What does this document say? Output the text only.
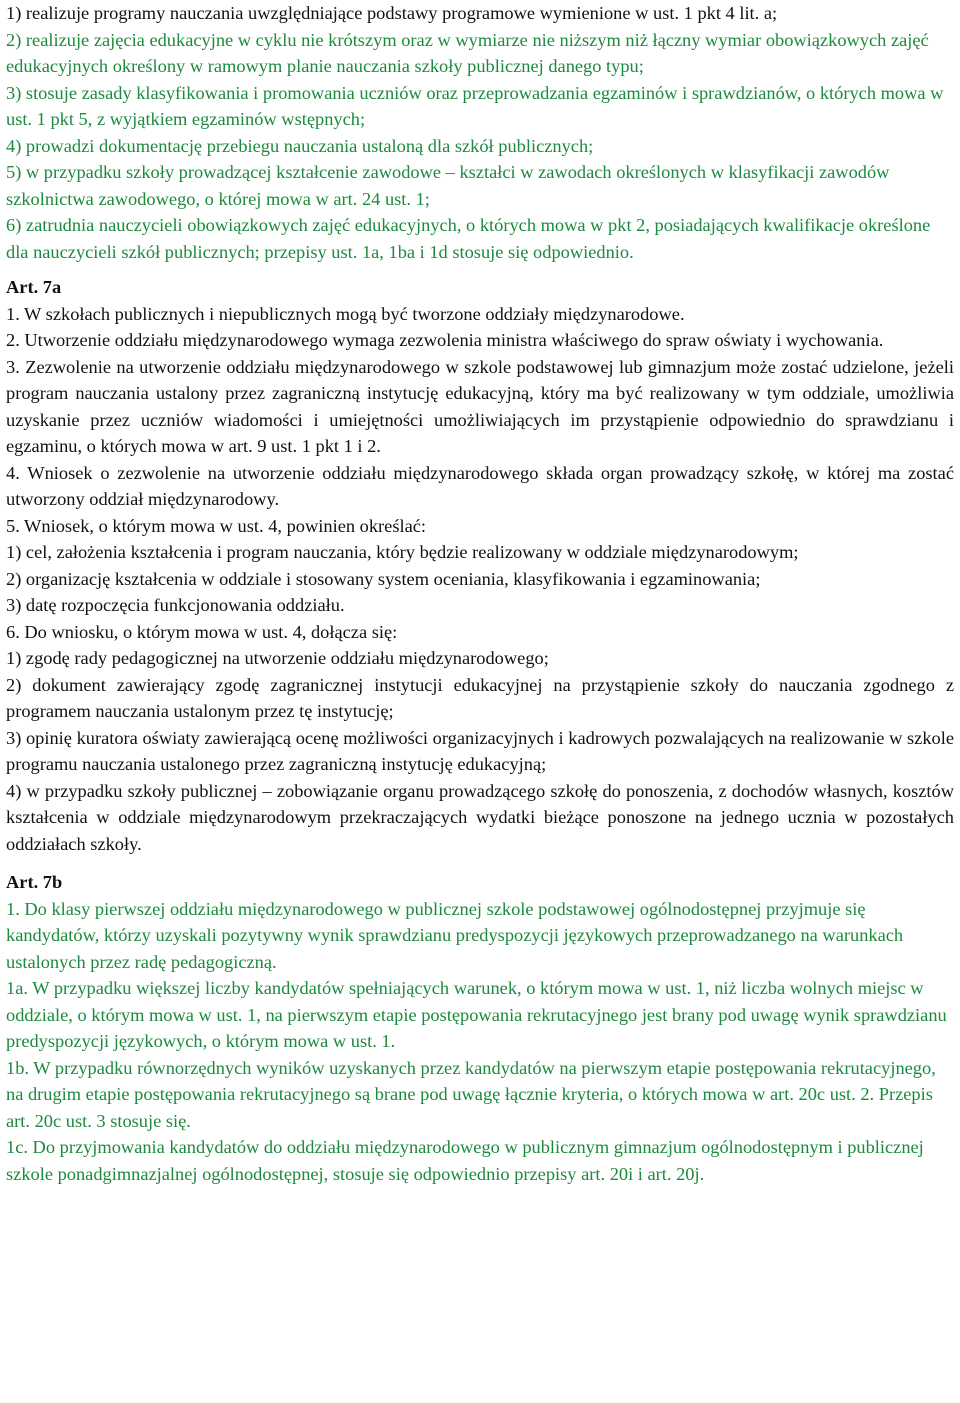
1) realizuje programy nauczania uwzględniające podstawy programowe wymienione w ust. 1 pkt 4 lit. a;

2) realizuje zajęcia edukacyjne w cyklu nie krótszym oraz w wymiarze nie niższym niż łączny wymiar obowiązkowych zajęć edukacyjnych określony w ramowym planie nauczania szkoły publicznej danego typu;

3) stosuje zasady klasyfikowania i promowania uczniów oraz przeprowadzania egzaminów i sprawdzianów, o których mowa w ust. 1 pkt 5, z wyjątkiem egzaminów wstępnych;

4) prowadzi dokumentację przebiegu nauczania ustaloną dla szkół publicznych;

5) w przypadku szkoły prowadzącej kształcenie zawodowe – kształci w zawodach określonych w klasyfikacji zawodów szkolnictwa zawodowego, o której mowa w art. 24 ust. 1;

6) zatrudnia nauczycieli obowiązkowych zajęć edukacyjnych, o których mowa w pkt 2, posiadających kwalifikacje określone dla nauczycieli szkół publicznych; przepisy ust. 1a, 1ba i 1d stosuje się odpowiednio.

Art. 7a

1. W szkołach publicznych i niepublicznych mogą być tworzone oddziały międzynarodowe.

2. Utworzenie oddziału międzynarodowego wymaga zezwolenia ministra właściwego do spraw oświaty i wychowania.

3. Zezwolenie na utworzenie oddziału międzynarodowego w szkole podstawowej lub gimnazjum może zostać udzielone, jeżeli program nauczania ustalony przez zagraniczną instytucję edukacyjną, który ma być realizowany w tym oddziale, umożliwia uzyskanie przez uczniów wiadomości i umiejętności umożliwiających im przystąpienie odpowiednio do sprawdzianu i egzaminu, o których mowa w art. 9 ust. 1 pkt 1 i 2.

4. Wniosek o zezwolenie na utworzenie oddziału międzynarodowego składa organ prowadzący szkołę, w której ma zostać utworzony oddział międzynarodowy.

5. Wniosek, o którym mowa w ust. 4, powinien określać:

1) cel, założenia kształcenia i program nauczania, który będzie realizowany w oddziale międzynarodowym;

2) organizację kształcenia w oddziale i stosowany system oceniania, klasyfikowania i egzaminowania;

3) datę rozpoczęcia funkcjonowania oddziału.

6. Do wniosku, o którym mowa w ust. 4, dołącza się:

1) zgodę rady pedagogicznej na utworzenie oddziału międzynarodowego;

2) dokument zawierający zgodę zagranicznej instytucji edukacyjnej na przystąpienie szkoły do nauczania zgodnego z programem nauczania ustalonym przez tę instytucję;

3) opinię kuratora oświaty zawierającą ocenę możliwości organizacyjnych i kadrowych pozwalających na realizowanie w szkole programu nauczania ustalonego przez zagraniczną instytucję edukacyjną;

4) w przypadku szkoły publicznej – zobowiązanie organu prowadzącego szkołę do ponoszenia, z dochodów własnych, kosztów kształcenia w oddziale międzynarodowym przekraczających wydatki bieżące ponoszone na jednego ucznia w pozostałych oddziałach szkoły.

Art. 7b

1. Do klasy pierwszej oddziału międzynarodowego w publicznej szkole podstawowej ogólnodostępnej przyjmuje się kandydatów, którzy uzyskali pozytywny wynik sprawdzianu predyspozycji językowych przeprowadzanego na warunkach ustalonych przez radę pedagogiczną.

1a. W przypadku większej liczby kandydatów spełniających warunek, o którym mowa w ust. 1, niż liczba wolnych miejsc w oddziale, o którym mowa w ust. 1, na pierwszym etapie postępowania rekrutacyjnego jest brany pod uwagę wynik sprawdzianu predyspozycji językowych, o którym mowa w ust. 1.

1b. W przypadku równorzędnych wyników uzyskanych przez kandydatów na pierwszym etapie postępowania rekrutacyjnego, na drugim etapie postępowania rekrutacyjnego są brane pod uwagę łącznie kryteria, o których mowa w art. 20c ust. 2. Przepis art. 20c ust. 3 stosuje się.

1c. Do przyjmowania kandydatów do oddziału międzynarodowego w publicznym gimnazjum ogólnodostępnym i publicznej szkole ponadgimnazjalnej ogólnodostępnej, stosuje się odpowiednio przepisy art. 20i i art. 20j.
